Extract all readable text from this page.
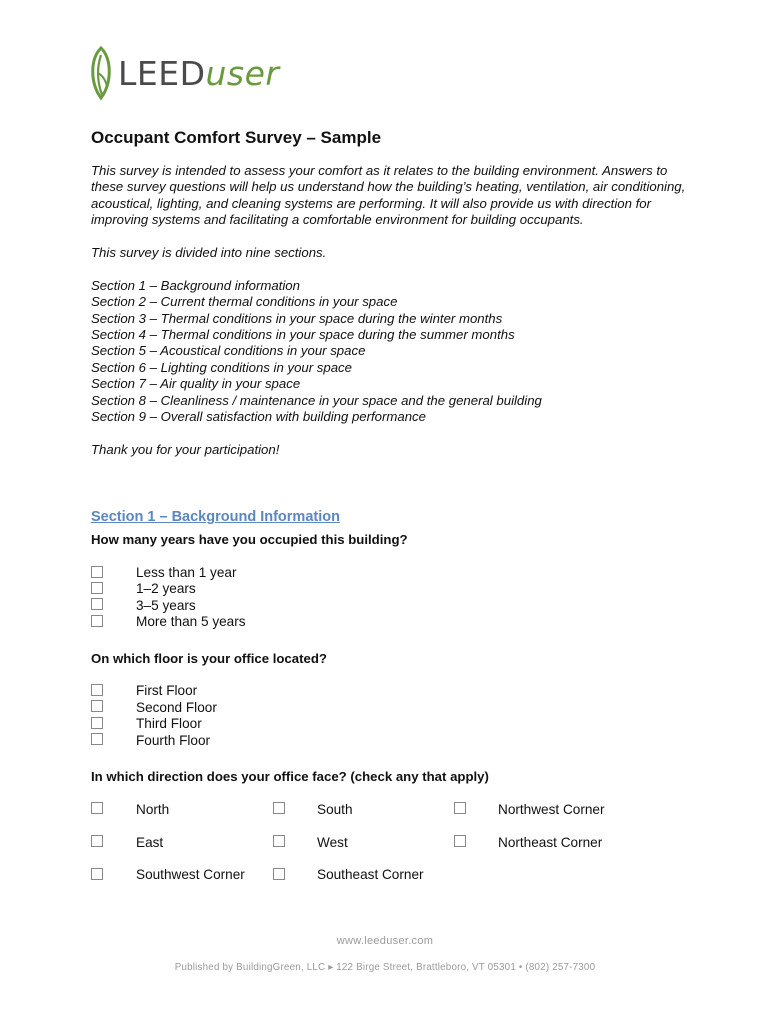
LEEDuser
Occupant Comfort Survey – Sample

This survey is intended to assess your comfort as it relates to the building environment. Answers to these survey questions will help us understand how the building’s heating, ventilation, air conditioning, acoustical, lighting, and cleaning systems are performing. It will also provide us with direction for improving systems and facilitating a comfortable environment for building occupants.

This survey is divided into nine sections.

Section 1 – Background information
Section 2 – Current thermal conditions in your space
Section 3 – Thermal conditions in your space during the winter months
Section 4 – Thermal conditions in your space during the summer months
Section 5 – Acoustical conditions in your space
Section 6 – Lighting conditions in your space
Section 7 – Air quality in your space
Section 8 – Cleanliness / maintenance in your space and the general building
Section 9 – Overall satisfaction with building performance

Thank you for your participation!

Section 1 – Background Information
How many years have you occupied this building?
Less than 1 year
1–2 years
3–5 years
More than 5 years
On which floor is your office located?
First Floor
Second Floor
Third Floor
Fourth Floor
In which direction does your office face? (check any that apply)
North	South	Northwest Corner
East	West	Northeast Corner
Southwest Corner	Southeast Corner
www.leeduser.com
Published by BuildingGreen, LLC ▸ 122 Birge Street, Brattleboro, VT 05301 • (802) 257-7300
